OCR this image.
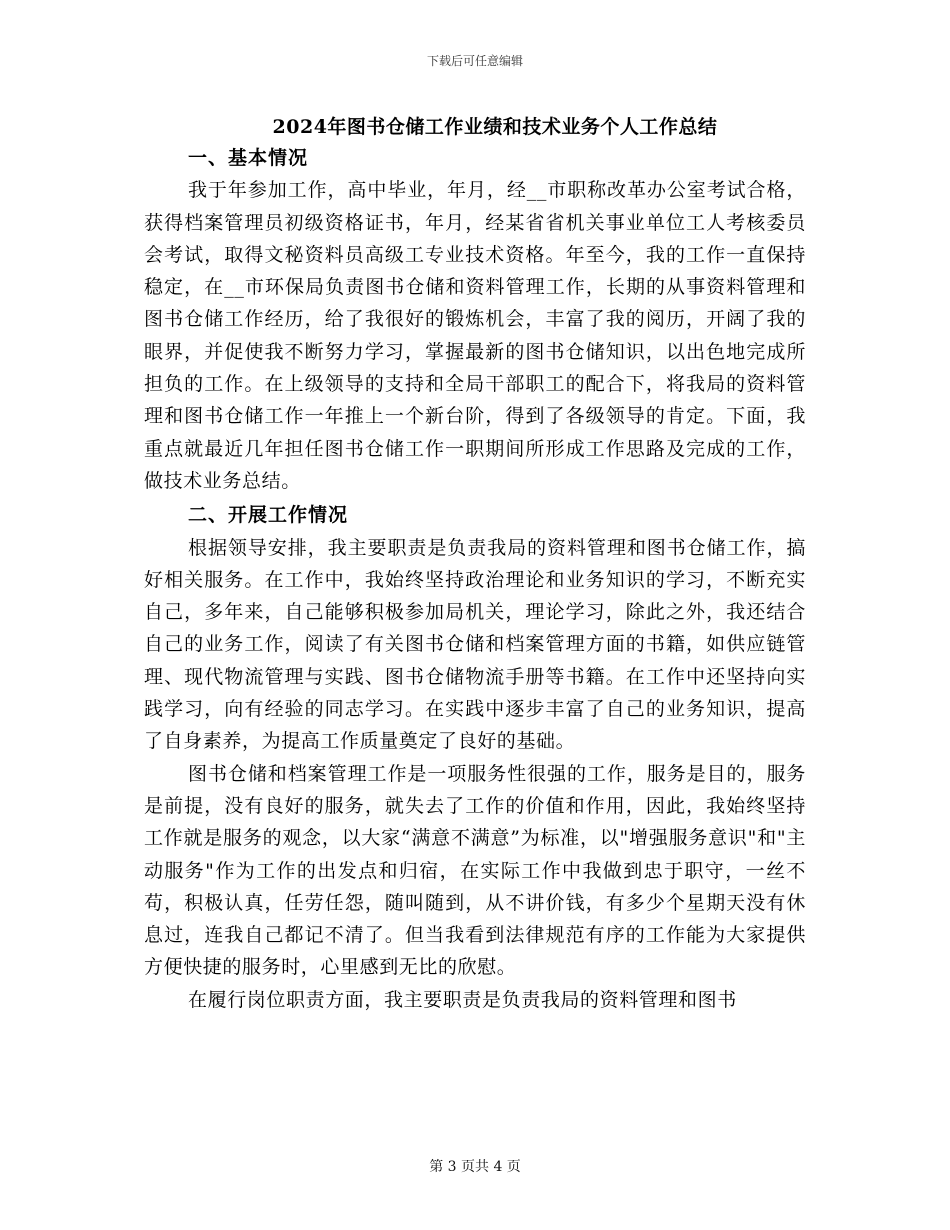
下载后可任意编辑
2024年图书仓储工作业绩和技术业务个人工作总结

一、基本情况

我于年参加工作，高中毕业，年月，经__市职称改革办公室考试合格，获得档案管理员初级资格证书，年月，经某省省机关事业单位工人考核委员会考试，取得文秘资料员高级工专业技术资格。年至今，我的工作一直保持稳定，在__市环保局负责图书仓储和资料管理工作，长期的从事资料管理和图书仓储工作经历，给了我很好的锻炼机会，丰富了我的阅历，开阔了我的眼界，并促使我不断努力学习，掌握最新的图书仓储知识，以出色地完成所担负的工作。在上级领导的支持和全局干部职工的配合下，将我局的资料管理和图书仓储工作一年推上一个新台阶，得到了各级领导的肯定。下面，我重点就最近几年担任图书仓储工作一职期间所形成工作思路及完成的工作，做技术业务总结。

二、开展工作情况

根据领导安排，我主要职责是负责我局的资料管理和图书仓储工作，搞好相关服务。在工作中，我始终坚持政治理论和业务知识的学习，不断充实自己，多年来，自己能够积极参加局机关，理论学习，除此之外，我还结合自己的业务工作，阅读了有关图书仓储和档案管理方面的书籍，如供应链管理、现代物流管理与实践、图书仓储物流手册等书籍。在工作中还坚持向实践学习，向有经验的同志学习。在实践中逐步丰富了自己的业务知识，提高了自身素养，为提高工作质量奠定了良好的基础。

图书仓储和档案管理工作是一项服务性很强的工作，服务是目的，服务是前提，没有良好的服务，就失去了工作的价值和作用，因此，我始终坚持工作就是服务的观念，以大家“满意不满意”为标准，以"增强服务意识"和"主动服务"作为工作的出发点和归宿，在实际工作中我做到忠于职守，一丝不苟，积极认真，任劳任怨，随叫随到，从不讲价钱，有多少个星期天没有休息过，连我自己都记不清了。但当我看到法律规范有序的工作能为大家提供方便快捷的服务时，心里感到无比的欣慰。

在履行岗位职责方面，我主要职责是负责我局的资料管理和图书

第 3 页共 4 页
